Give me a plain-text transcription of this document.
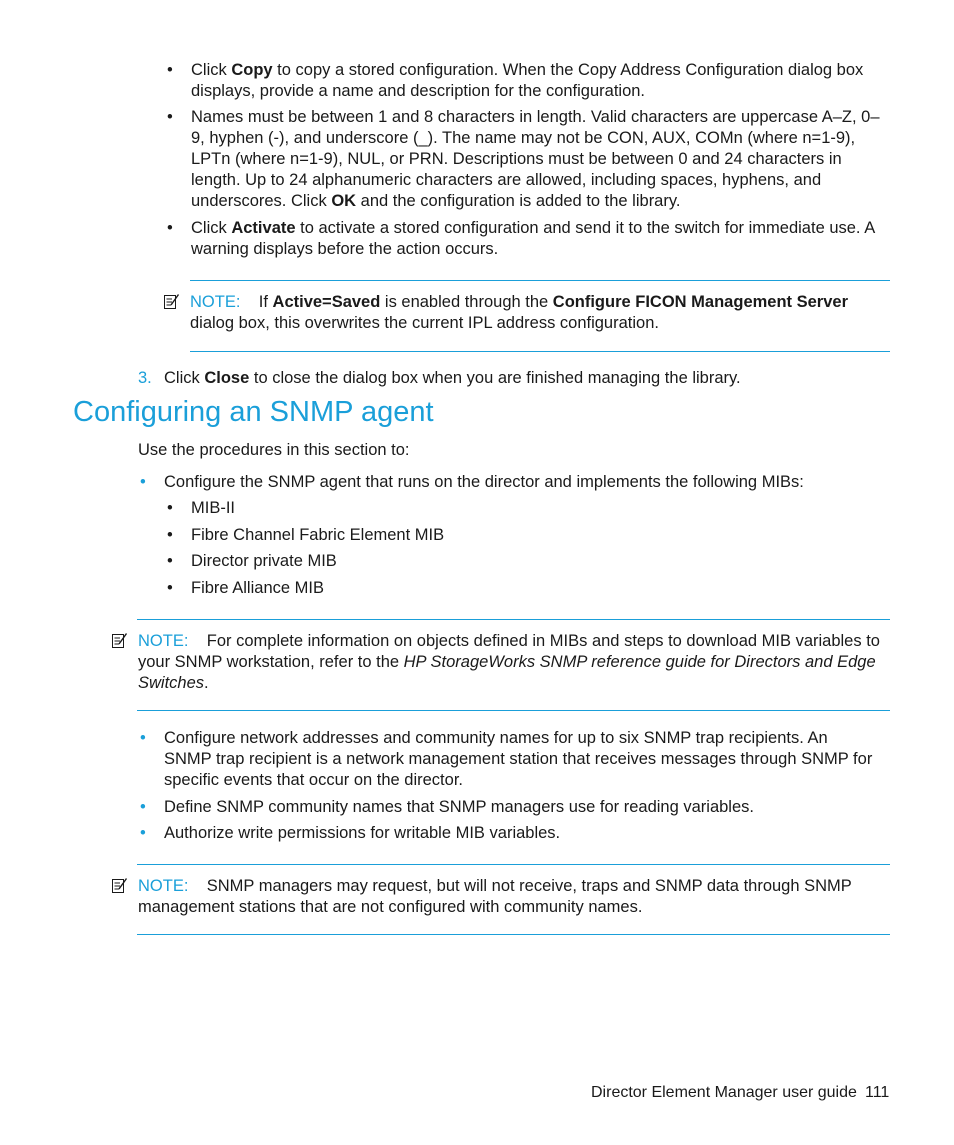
•	Click Copy to copy a stored configuration. When the Copy Address Configuration dialog box displays, provide a name and description for the configuration.
•	Names must be between 1 and 8 characters in length. Valid characters are uppercase A–Z, 0–9, hyphen (-), and underscore (_). The name may not be CON, AUX, COMn (where n=1-9), LPTn (where n=1-9), NUL, or PRN. Descriptions must be between 0 and 24 characters in length. Up to 24 alphanumeric characters are allowed, including spaces, hyphens, and underscores. Click OK and the configuration is added to the library.
•	Click Activate to activate a stored configuration and send it to the switch for immediate use. A warning displays before the action occurs.
NOTE: If Active=Saved is enabled through the Configure FICON Management Server dialog box, this overwrites the current IPL address configuration.
3. Click Close to close the dialog box when you are finished managing the library.
Configuring an SNMP agent
Use the procedures in this section to:
•	Configure the SNMP agent that runs on the director and implements the following MIBs:
•	MIB-II
•	Fibre Channel Fabric Element MIB
•	Director private MIB
•	Fibre Alliance MIB
NOTE: For complete information on objects defined in MIBs and steps to download MIB variables to your SNMP workstation, refer to the HP StorageWorks SNMP reference guide for Directors and Edge Switches.
•	Configure network addresses and community names for up to six SNMP trap recipients. An SNMP trap recipient is a network management station that receives messages through SNMP for specific events that occur on the director.
•	Define SNMP community names that SNMP managers use for reading variables.
•	Authorize write permissions for writable MIB variables.
NOTE: SNMP managers may request, but will not receive, traps and SNMP data through SNMP management stations that are not configured with community names.
Director Element Manager user guide 111
